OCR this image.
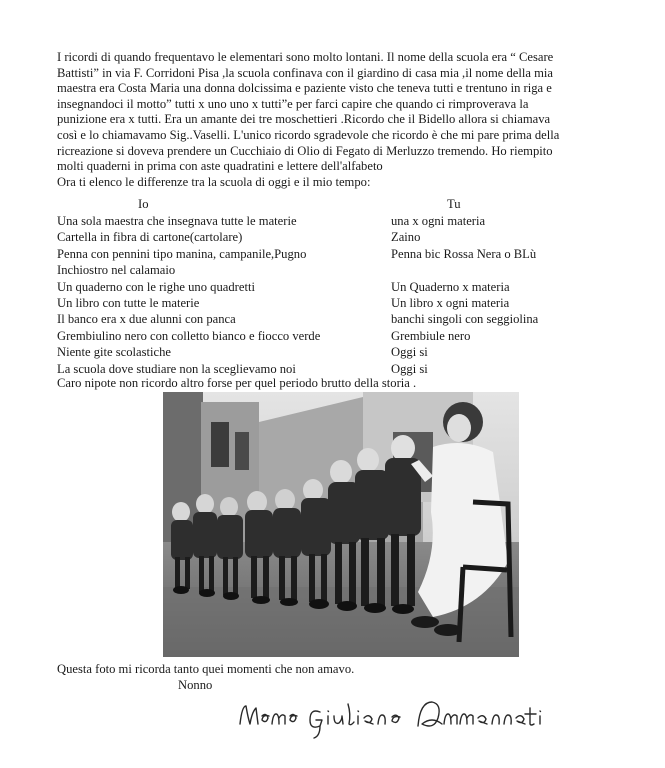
I ricordi di quando frequentavo le elementari sono molto lontani. Il nome della scuola era “ Cesare
Battisti” in via F. Corridoni Pisa ,la scuola confinava con il giardino di casa mia ,il nome della mia
maestra era Costa Maria una donna dolcissima e paziente visto che teneva tutti e trentuno in riga e
insegnandoci il motto” tutti x uno uno x tutti”e per farci capire che quando ci rimproverava la
punizione era x tutti. Era un amante dei tre moschettieri .Ricordo che il Bidello allora si chiamava
così e lo chiamavamo Sig..Vaselli. L'unico ricordo sgradevole che ricordo è che mi pare prima della
ricreazione si doveva prendere un Cucchiaio di Olio di Fegato di Merluzzo tremendo. Ho riempito
molti quaderni in prima con aste quadratini e lettere dell'alfabeto
Ora ti elenco le differenze tra la scuola di oggi e il mio tempo:
Io	Tu
Una sola maestra che insegnava tutte le materie
Cartella in fibra di cartone(cartolare)
Penna con pennini tipo manina, campanile,Pugno
Inchiostro nel calamaio
Un quaderno con le righe uno quadretti
Un libro con tutte le materie
Il banco era x due alunni con panca
Grembiulino nero con colletto bianco e fiocco verde
Niente gite scolastiche
La scuola dove studiare non la sceglievamo noi
una x ogni materia
Zaino
Penna bic Rossa Nera o BLù
Un Quaderno x materia
Un libro x ogni materia
banchi singoli con seggiolina
Grembiule nero
Oggi si
Oggi si
Caro nipote non ricordo altro forse per quel periodo brutto della storia .
Questa foto mi ricorda tanto quei momenti che non amavo.
Nonno
